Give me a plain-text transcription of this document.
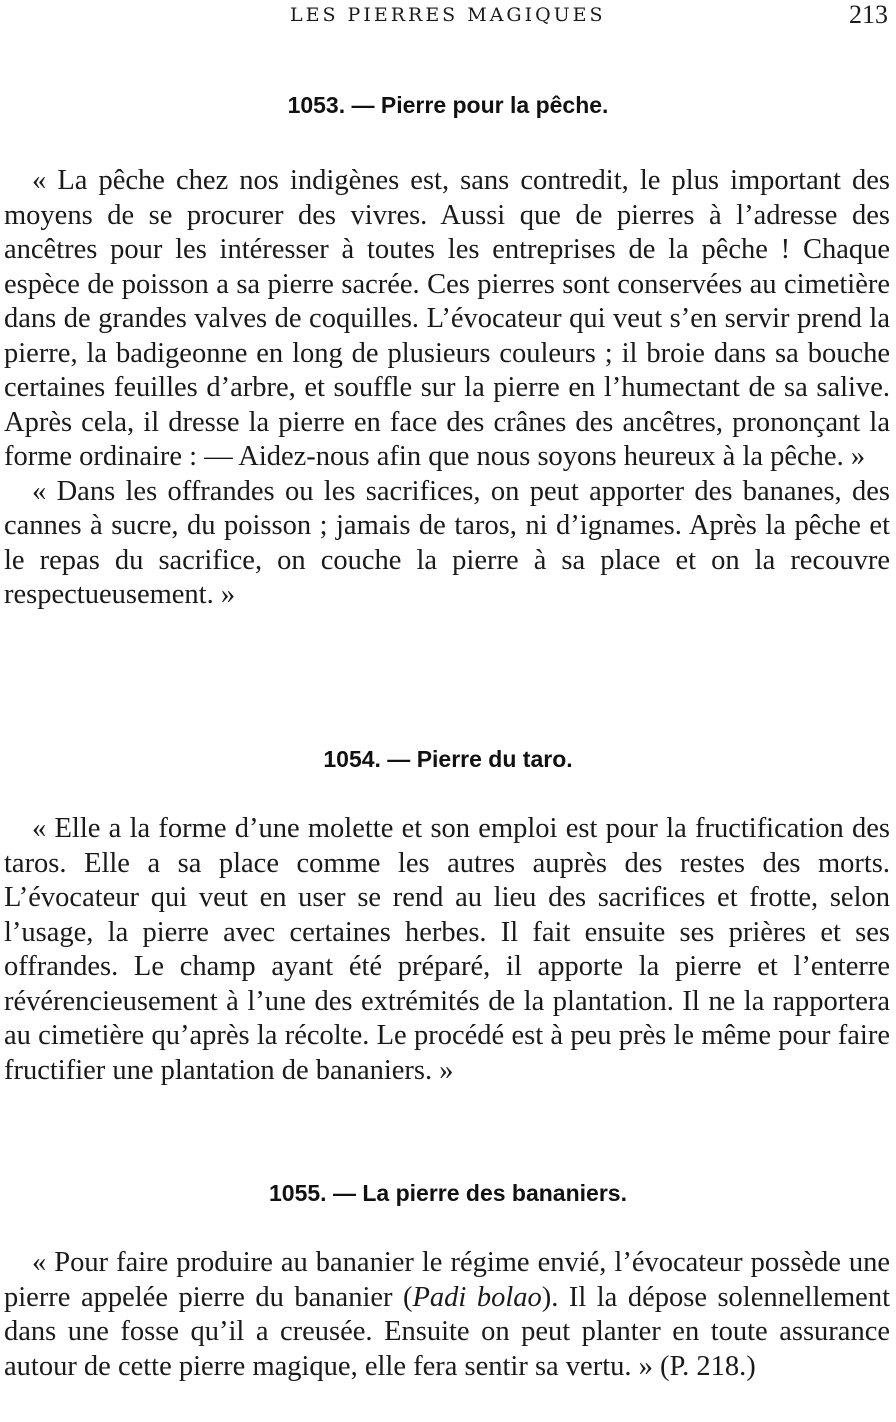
LES PIERRES MAGIQUES	213
1053. — Pierre pour la pêche.

« La pêche chez nos indigènes est, sans contredit, le plus important des moyens de se procurer des vivres. Aussi que de pierres à l’adresse des ancêtres pour les intéresser à toutes les entreprises de la pêche ! Chaque espèce de poisson a sa pierre sacrée. Ces pierres sont conservées au cimetière dans de grandes valves de coquilles. L’évocateur qui veut s’en servir prend la pierre, la badigeonne en long de plusieurs couleurs ; il broie dans sa bouche certaines feuilles d’arbre, et souffle sur la pierre en l’humectant de sa salive. Après cela, il dresse la pierre en face des crânes des ancêtres, prononçant la forme ordinaire : — Aidez-nous afin que nous soyons heureux à la pêche. »

« Dans les offrandes ou les sacrifices, on peut apporter des bananes, des cannes à sucre, du poisson ; jamais de taros, ni d’ignames. Après la pêche et le repas du sacrifice, on couche la pierre à sa place et on la recouvre respectueusement. »

1054. — Pierre du taro.

« Elle a la forme d’une molette et son emploi est pour la fructification des taros. Elle a sa place comme les autres auprès des restes des morts. L’évocateur qui veut en user se rend au lieu des sacrifices et frotte, selon l’usage, la pierre avec certaines herbes. Il fait ensuite ses prières et ses offrandes. Le champ ayant été préparé, il apporte la pierre et l’enterre révérencieusement à l’une des extrémités de la plantation. Il ne la rapportera au cimetière qu’après la récolte. Le procédé est à peu près le même pour faire fructifier une plantation de bananiers. »

1055. — La pierre des bananiers.

« Pour faire produire au bananier le régime envié, l’évocateur possède une pierre appelée pierre du bananier (Padi bolao). Il la dépose solennellement dans une fosse qu’il a creusée. Ensuite on peut planter en toute assurance autour de cette pierre magique, elle fera sentir sa vertu. » (P. 218.)
